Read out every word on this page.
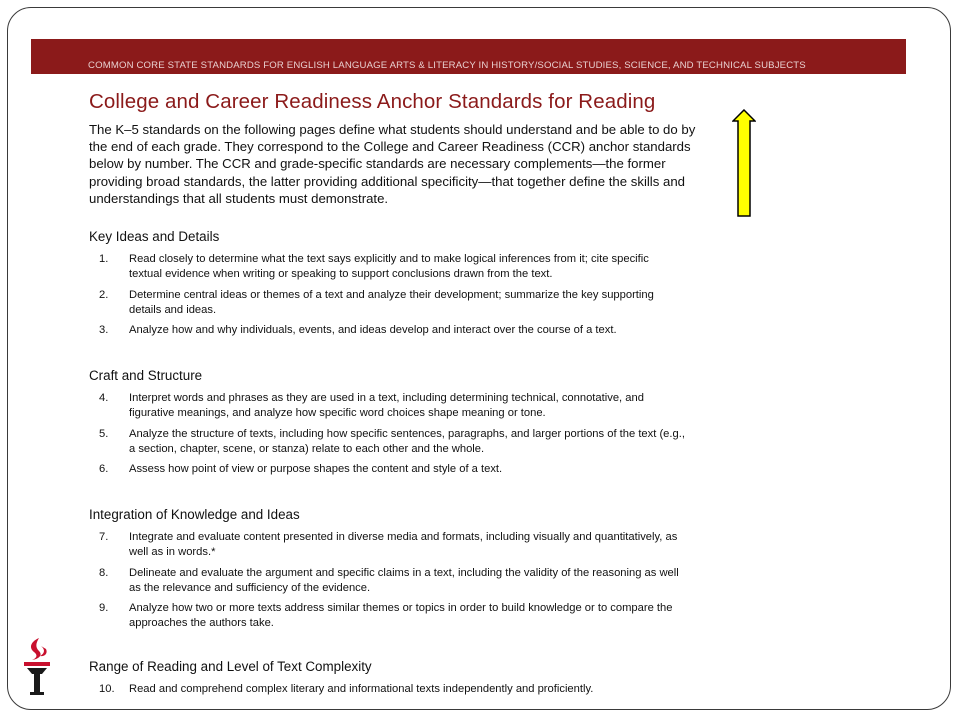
COMMON CORE STATE STANDARDS FOR ENGLISH LANGUAGE ARTS & LITERACY IN HISTORY/SOCIAL STUDIES, SCIENCE, AND TECHNICAL SUBJECTS
College and Career Readiness Anchor Standards for Reading
The K–5 standards on the following pages define what students should understand and be able to do by
the end of each grade. They correspond to the College and Career Readiness (CCR) anchor standards
below by number. The CCR and grade-specific standards are necessary complements—the former
providing broad standards, the latter providing additional specificity—that together define the skills and
understandings that all students must demonstrate.
Key Ideas and Details
1.	Read closely to determine what the text says explicitly and to make logical inferences from it; cite specific
textual evidence when writing or speaking to support conclusions drawn from the text.
2.	Determine central ideas or themes of a text and analyze their development; summarize the key supporting
details and ideas.
3.	Analyze how and why individuals, events, and ideas develop and interact over the course of a text.
Craft and Structure
4.	Interpret words and phrases as they are used in a text, including determining technical, connotative, and
figurative meanings, and analyze how specific word choices shape meaning or tone.
5.	Analyze the structure of texts, including how specific sentences, paragraphs, and larger portions of the text (e.g.,
a section, chapter, scene, or stanza) relate to each other and the whole.
6.	Assess how point of view or purpose shapes the content and style of a text.
Integration of Knowledge and Ideas
7.	Integrate and evaluate content presented in diverse media and formats, including visually and quantitatively, as
well as in words.*
8.	Delineate and evaluate the argument and specific claims in a text, including the validity of the reasoning as well
as the relevance and sufficiency of the evidence.
9.	Analyze how two or more texts address similar themes or topics in order to build knowledge or to compare the
approaches the authors take.
Range of Reading and Level of Text Complexity
10.	Read and comprehend complex literary and informational texts independently and proficiently.
